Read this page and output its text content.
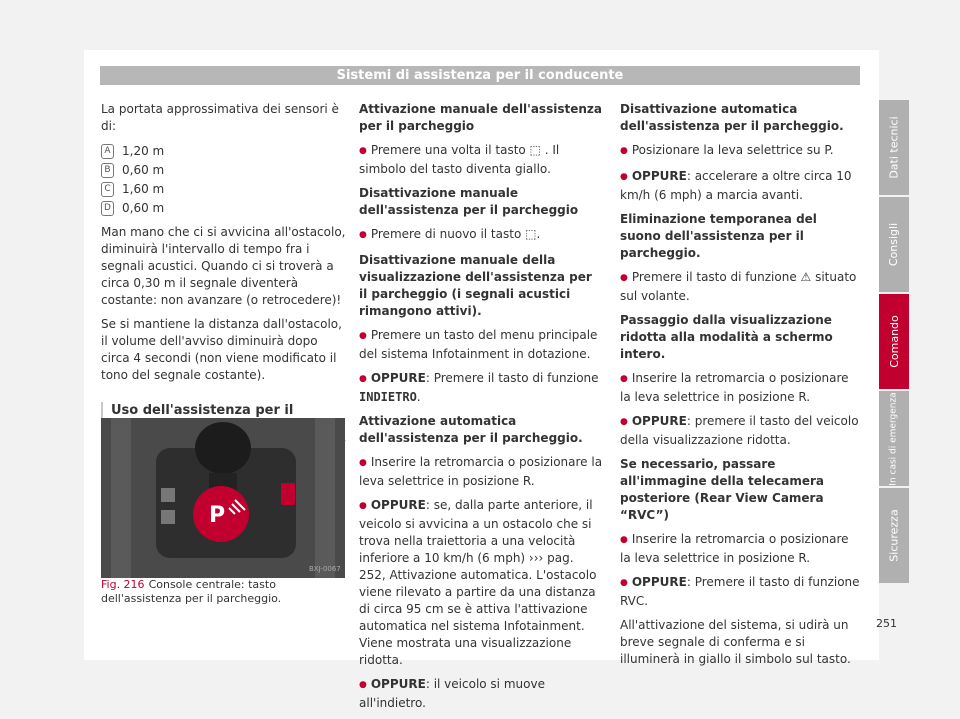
Sistemi di assistenza per il conducente

La portata approssimativa dei sensori è di:

A 1,20 m
B 0,60 m
C 1,60 m
D 0,60 m

Man mano che ci si avvicina all'ostacolo, diminuirà l'intervallo di tempo fra i segnali acustici. Quando ci si troverà a circa 0,30 m il segnale diventerà costante: non avanzare (o retrocedere)!

Se si mantiene la distanza dall'ostacolo, il volume dell'avviso diminuirà dopo circa 4 secondi (non viene modificato il tono del segnale costante).

Uso dell'assistenza per il
P
BXJ-0067
Fig. 216 Console centrale: tasto dell'assistenza per il parcheggio.

Attivazione manuale dell'assistenza per il parcheggio

● Premere una volta il tasto ⬚ . Il simbolo del tasto diventa giallo.

Disattivazione manuale dell'assistenza per il parcheggio

● Premere di nuovo il tasto ⬚.

Disattivazione manuale della visualizzazione dell'assistenza per il parcheggio (i segnali acustici rimangono attivi).

● Premere un tasto del menu principale del sistema Infotainment in dotazione.

● OPPURE: Premere il tasto di funzione INDIETRO.

Attivazione automatica dell'assistenza per il parcheggio.

● Inserire la retromarcia o posizionare la leva selettrice in posizione R.

● OPPURE: se, dalla parte anteriore, il veicolo si avvicina a un ostacolo che si trova nella traiettoria a una velocità inferiore a 10 km/h (6 mph) ››› pag. 252, Attivazione automatica. L'ostacolo viene rilevato a partire da una distanza di circa 95 cm se è attiva l'attivazione automatica nel sistema Infotainment. Viene mostrata una visualizzazione ridotta.

● OPPURE: il veicolo si muove all'indietro.

Disattivazione automatica dell'assistenza per il parcheggio.

● Posizionare la leva selettrice su P.

● OPPURE: accelerare a oltre circa 10 km/h (6 mph) a marcia avanti.

Eliminazione temporanea del suono dell'assistenza per il parcheggio.

● Premere il tasto di funzione ⚠ situato sul volante.

Passaggio dalla visualizzazione ridotta alla modalità a schermo intero.

● Inserire la retromarcia o posizionare la leva selettrice in posizione R.

● OPPURE: premere il tasto del veicolo della visualizzazione ridotta.

Se necessario, passare all'immagine della telecamera posteriore (Rear View Camera “RVC”)

● Inserire la retromarcia o posizionare la leva selettrice in posizione R.

● OPPURE: Premere il tasto di funzione RVC.

All'attivazione del sistema, si udirà un breve segnale di conferma e si illuminerà in giallo il simbolo sul tasto.

Dati tecnici
Consigli
Comando
In casi di emergenza
Sicurezza
251
